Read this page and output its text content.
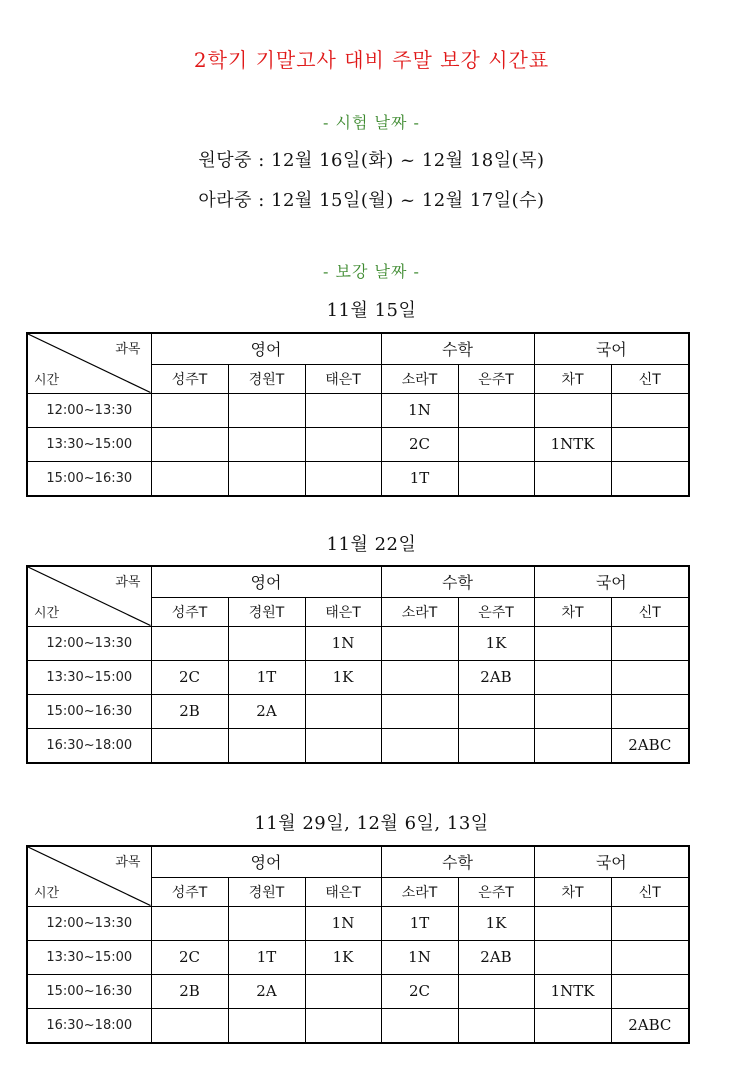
2학기 기말고사 대비 주말 보강 시간표
- 시험 날짜 -
원당중 : 12월 16일(화) ~ 12월 18일(목)
아라중 : 12월 15일(월) ~ 12월 17일(수)
- 보강 날짜 -
11월 15일
과목
시간	영어			수학		국어	
	성주T	경원T	태은T	소라T	은주T	차T	신T
12:00~13:30				1N			
13:30~15:00				2C		1NTK	
15:00~16:30				1T			
11월 22일
과목
시간	영어			수학		국어	
	성주T	경원T	태은T	소라T	은주T	차T	신T
12:00~13:30			1N		1K		
13:30~15:00	2C	1T	1K		2AB		
15:00~16:30	2B	2A					
16:30~18:00							2ABC
11월 29일, 12월 6일, 13일
과목
시간	영어			수학		국어	
	성주T	경원T	태은T	소라T	은주T	차T	신T
12:00~13:30			1N	1T	1K		
13:30~15:00	2C	1T	1K	1N	2AB		
15:00~16:30	2B	2A		2C		1NTK	
16:30~18:00							2ABC
